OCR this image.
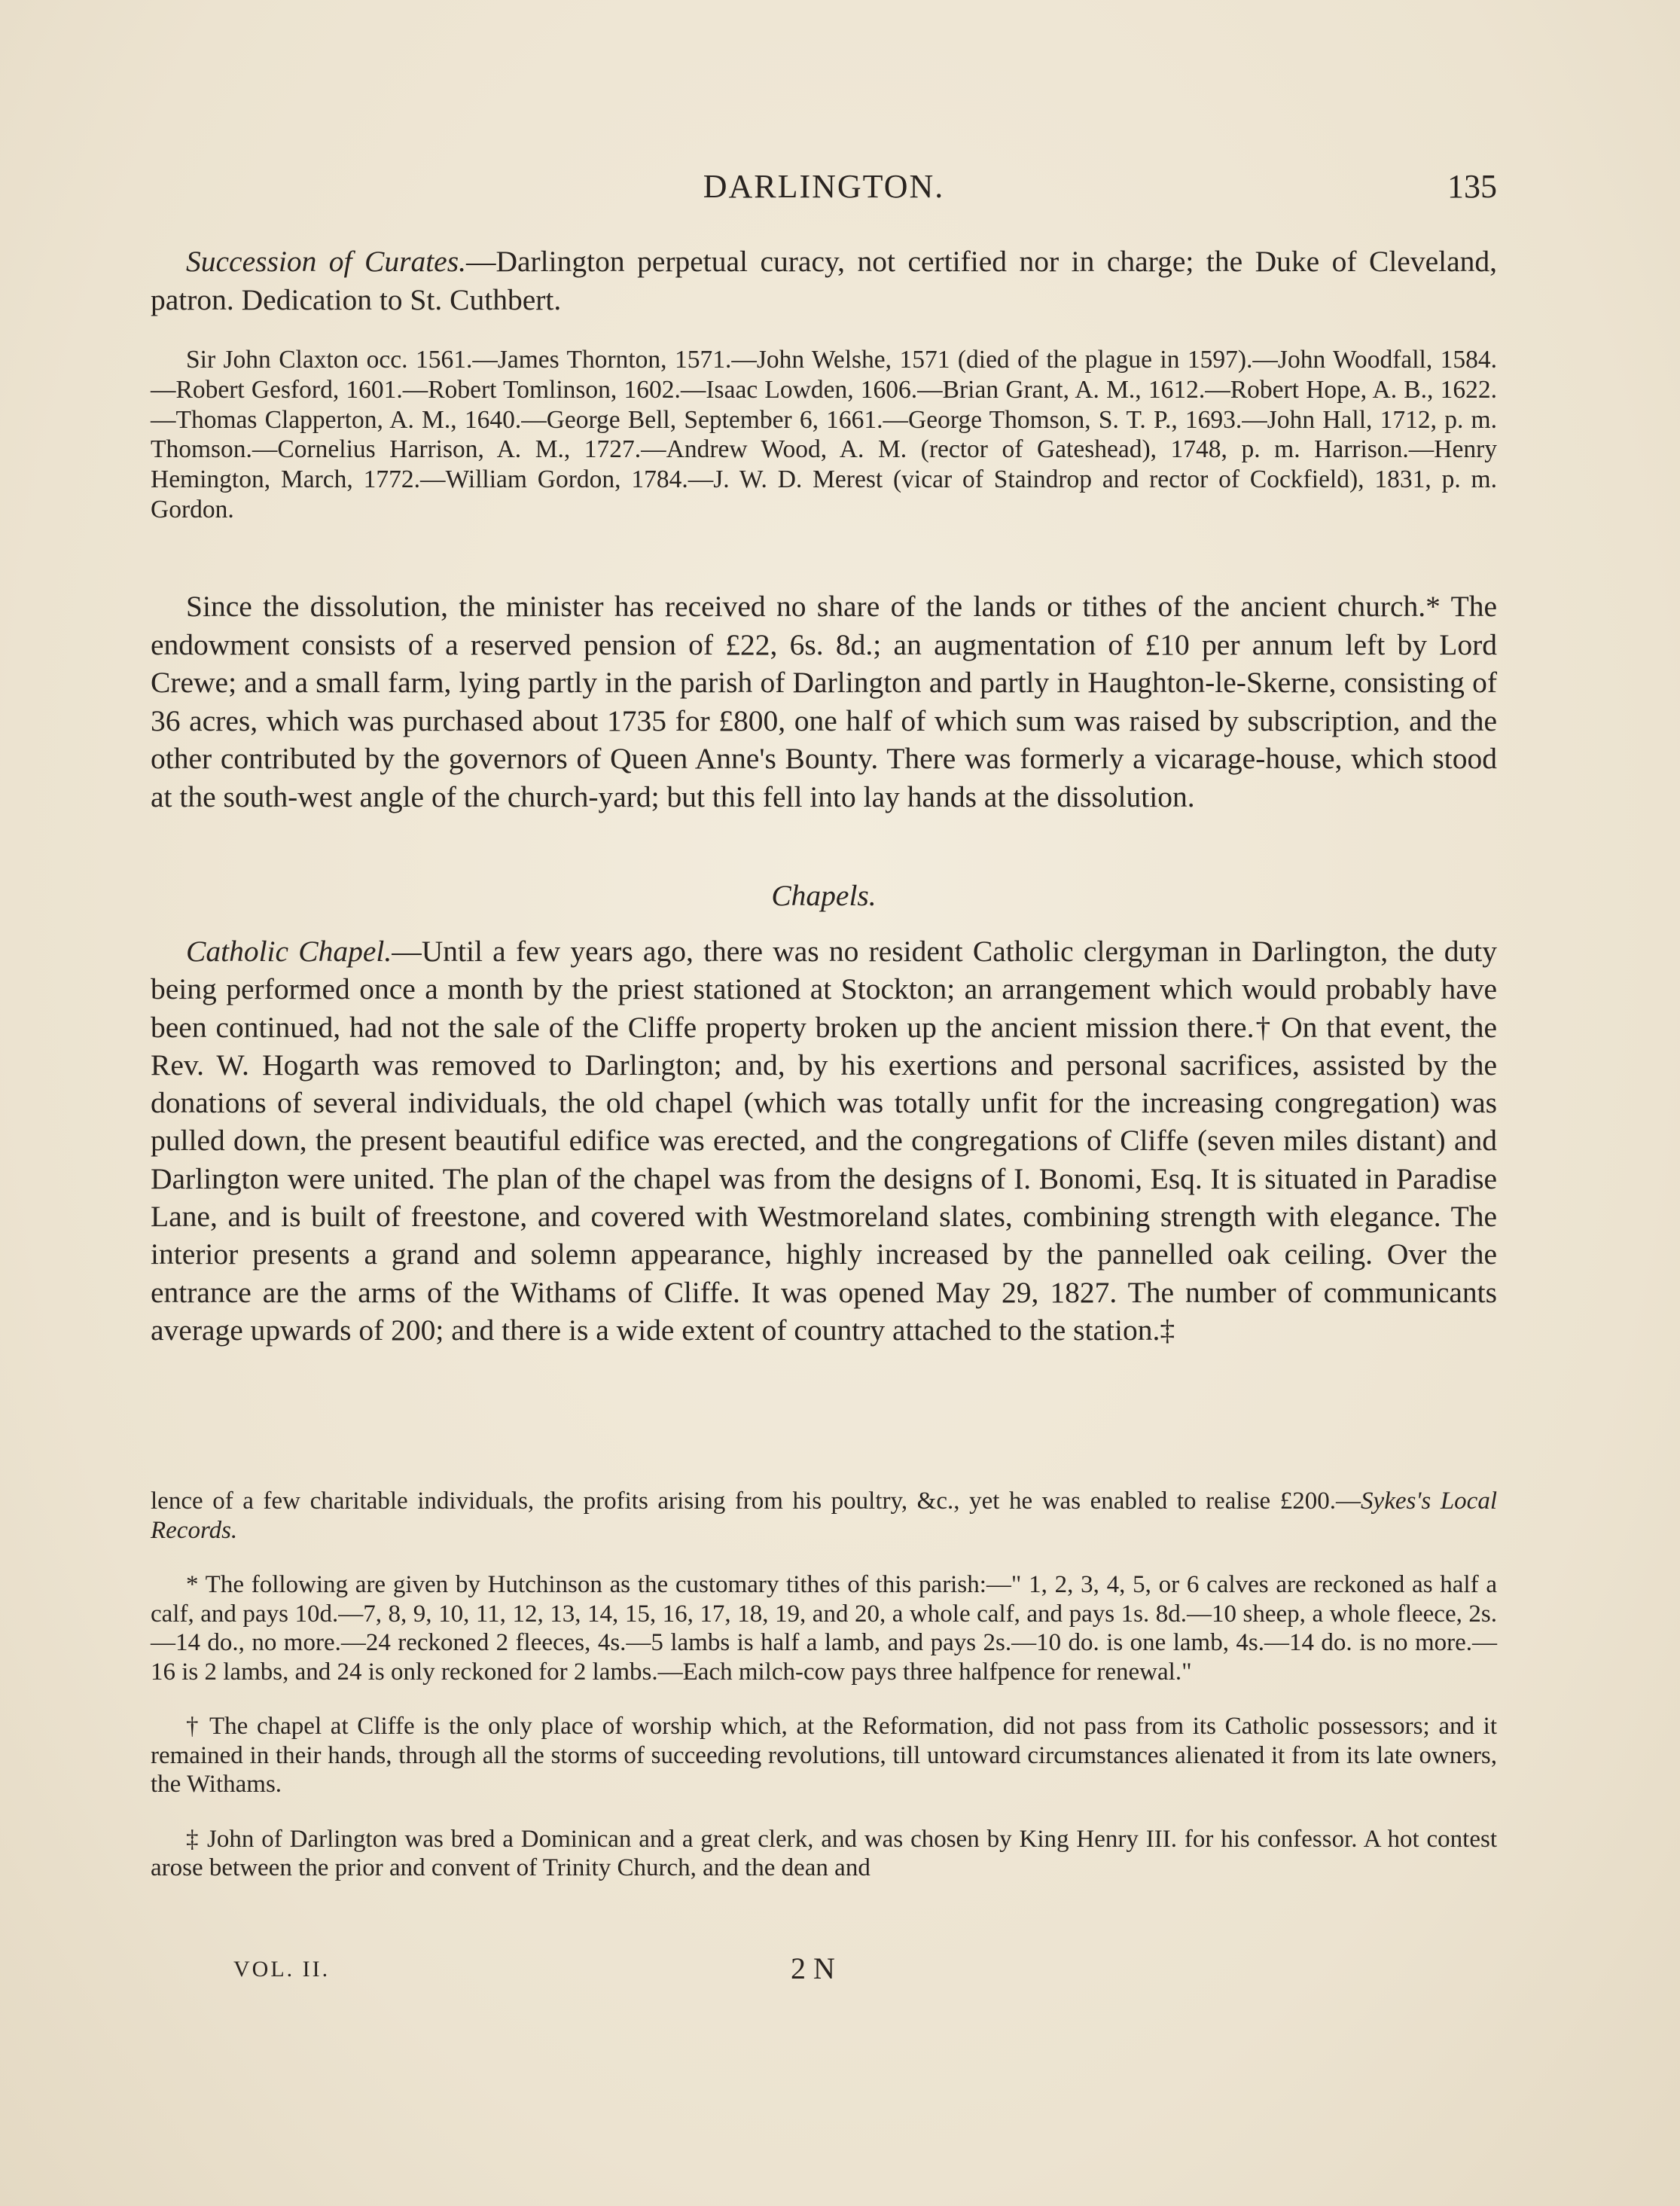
DARLINGTON.	135

Succession of Curates.—Darlington perpetual curacy, not certified nor in charge; the Duke of Cleveland, patron. Dedication to St. Cuthbert.

Sir John Claxton occ. 1561.—James Thornton, 1571.—John Welshe, 1571 (died of the plague in 1597).—John Woodfall, 1584.—Robert Gesford, 1601.—Robert Tomlinson, 1602.—Isaac Lowden, 1606.—Brian Grant, A. M., 1612.—Robert Hope, A. B., 1622.—Thomas Clapperton, A. M., 1640.—George Bell, September 6, 1661.—George Thomson, S. T. P., 1693.—John Hall, 1712, p. m. Thomson.—Cornelius Harrison, A. M., 1727.—Andrew Wood, A. M. (rector of Gateshead), 1748, p. m. Harrison.—Henry Hemington, March, 1772.—William Gordon, 1784.—J. W. D. Merest (vicar of Staindrop and rector of Cockfield), 1831, p. m. Gordon.

Since the dissolution, the minister has received no share of the lands or tithes of the ancient church.* The endowment consists of a reserved pension of £22, 6s. 8d.; an augmentation of £10 per annum left by Lord Crewe; and a small farm, lying partly in the parish of Darlington and partly in Haughton-le-Skerne, consisting of 36 acres, which was purchased about 1735 for £800, one half of which sum was raised by subscription, and the other contributed by the governors of Queen Anne's Bounty. There was formerly a vicarage-house, which stood at the south-west angle of the church-yard; but this fell into lay hands at the dissolution.

Chapels.

Catholic Chapel.—Until a few years ago, there was no resident Catholic clergyman in Darlington, the duty being performed once a month by the priest stationed at Stockton; an arrangement which would probably have been continued, had not the sale of the Cliffe property broken up the ancient mission there.† On that event, the Rev. W. Hogarth was removed to Darlington; and, by his exertions and personal sacrifices, assisted by the donations of several individuals, the old chapel (which was totally unfit for the increasing congregation) was pulled down, the present beautiful edifice was erected, and the congregations of Cliffe (seven miles distant) and Darlington were united. The plan of the chapel was from the designs of I. Bonomi, Esq. It is situated in Paradise Lane, and is built of freestone, and covered with Westmoreland slates, combining strength with elegance. The interior presents a grand and solemn appearance, highly increased by the pannelled oak ceiling. Over the entrance are the arms of the Withams of Cliffe. It was opened May 29, 1827. The number of communicants average upwards of 200; and there is a wide extent of country attached to the station.‡

lence of a few charitable individuals, the profits arising from his poultry, &c., yet he was enabled to realise £200.—Sykes's Local Records.

* The following are given by Hutchinson as the customary tithes of this parish:—" 1, 2, 3, 4, 5, or 6 calves are reckoned as half a calf, and pays 10d.—7, 8, 9, 10, 11, 12, 13, 14, 15, 16, 17, 18, 19, and 20, a whole calf, and pays 1s. 8d.—10 sheep, a whole fleece, 2s.—14 do., no more.—24 reckoned 2 fleeces, 4s.—5 lambs is half a lamb, and pays 2s.—10 do. is one lamb, 4s.—14 do. is no more.—16 is 2 lambs, and 24 is only reckoned for 2 lambs.—Each milch-cow pays three halfpence for renewal."

† The chapel at Cliffe is the only place of worship which, at the Reformation, did not pass from its Catholic possessors; and it remained in their hands, through all the storms of succeeding revolutions, till untoward circumstances alienated it from its late owners, the Withams.

‡ John of Darlington was bred a Dominican and a great clerk, and was chosen by King Henry III. for his confessor. A hot contest arose between the prior and convent of Trinity Church, and the dean and

VOL. II.	2 N
